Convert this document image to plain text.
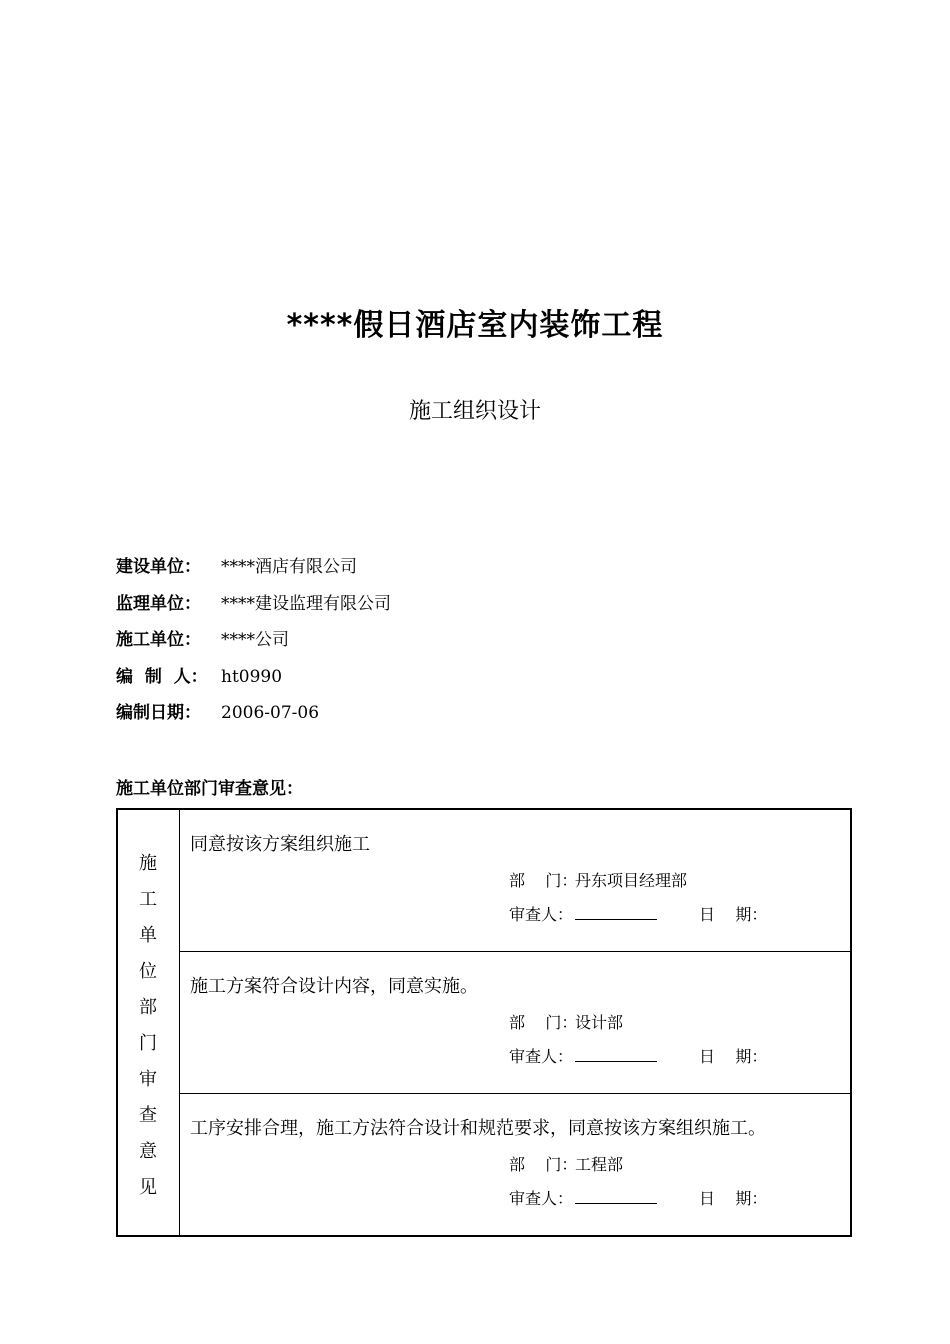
****假日酒店室内装饰工程
施工组织设计
建设单位：	****酒店有限公司
监理单位：	****建设监理有限公司
施工单位：	****公司
编  制  人： ht0990
编制日期：	2006-07-06
施工单位部门审查意见：
施
工
单
位
部
门
审
查
意
见
同意按该方案组织施工
部    门：丹东项目经理部
审查人：	日    期：
施工方案符合设计内容，同意实施。
部    门：设计部
审查人：	日    期：
工序安排合理，施工方法符合设计和规范要求，同意按该方案组织施工。
部    门：工程部
审查人：	日    期：
